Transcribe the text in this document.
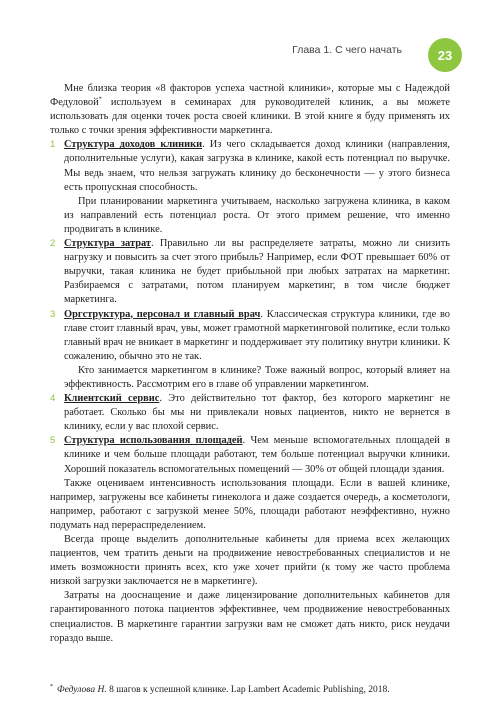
Глава 1. С чего начать	23

Мне близка теория «8 факторов успеха частной клиники», которые мы с Надеждой Федуловой* используем в семинарах для руководителей клиник, а вы можете использовать для оценки точек роста своей клиники. В этой книге я буду применять их только с точки зрения эффективности маркетинга.

1 Структура доходов клиники. Из чего складывается доход клиники (направления, дополнительные услуги), какая загрузка в клинике, какой есть потенциал по выручке. Мы ведь знаем, что нельзя загружать клинику до бесконечности — у этого бизнеса есть пропускная способность.

При планировании маркетинга учитываем, насколько загружена клиника, в каком из направлений есть потенциал роста. От этого примем решение, что именно продвигать в клинике.

2 Структура затрат. Правильно ли вы распределяете затраты, можно ли снизить нагрузку и повысить за счет этого прибыль? Например, если ФОТ превышает 60% от выручки, такая клиника не будет прибыльной при любых затратах на маркетинг. Разбираемся с затратами, потом планируем маркетинг, в том числе бюджет маркетинга.

3 Оргструктура, персонал и главный врач. Классическая структура клиники, где во главе стоит главный врач, увы, может грамотной маркетинговой политике, если только главный врач не вникает в маркетинг и поддерживает эту политику внутри клиники. К сожалению, обычно это не так.

Кто занимается маркетингом в клинике? Тоже важный вопрос, который влияет на эффективность. Рассмотрим его в главе об управлении маркетингом.

4 Клиентский сервис. Это действительно тот фактор, без которого маркетинг не работает. Сколько бы мы ни привлекали новых пациентов, никто не вернется в клинику, если у вас плохой сервис.

5 Структура использования площадей. Чем меньше вспомогательных площадей в клинике и чем больше площади работают, тем больше потенциал выручки клиники. Хороший показатель вспомогательных помещений — 30% от общей площади здания.

Также оцениваем интенсивность использования площади. Если в вашей клинике, например, загружены все кабинеты гинеколога и даже создается очередь, а косметологи, например, работают с загрузкой менее 50%, площади работают неэффективно, нужно подумать над перераспределением.

Всегда проще выделить дополнительные кабинеты для приема всех желающих пациентов, чем тратить деньги на продвижение невостребованных специалистов и не иметь возможности принять всех, кто уже хочет прийти (к тому же часто проблема низкой загрузки заключается не в маркетинге).

Затраты на дооснащение и даже лицензирование дополнительных кабинетов для гарантированного потока пациентов эффективнее, чем продвижение невостребованных специалистов. В маркетинге гарантии загрузки вам не сможет дать никто, риск неудачи гораздо выше.

* Федулова Н. 8 шагов к успешной клинике. Lap Lambert Academic Publishing, 2018.
